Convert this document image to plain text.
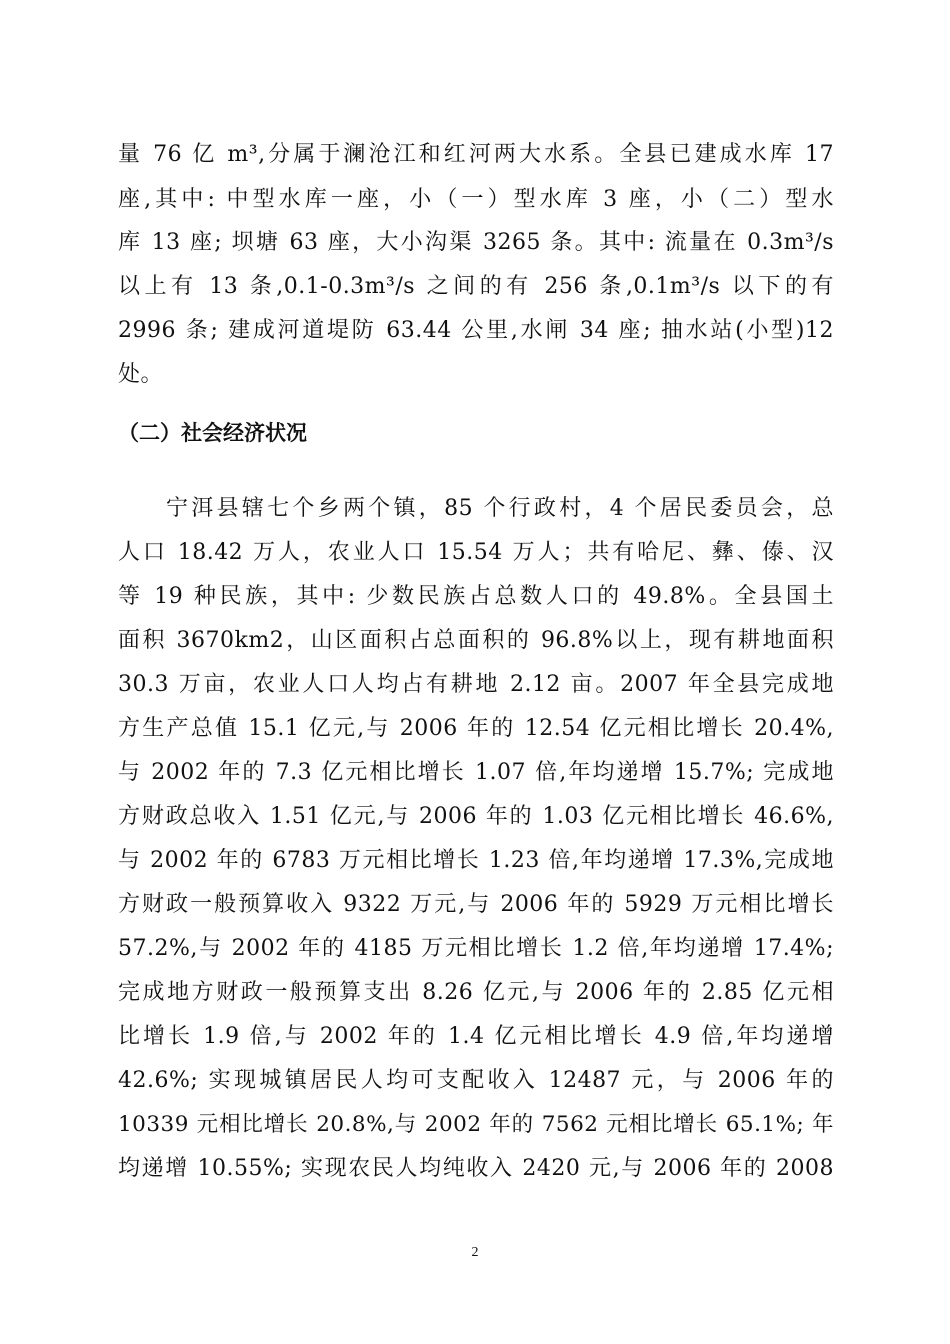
量 76 亿 m³,分属于澜沧江和红河两大水系。全县已建成水库 17
座,其中: 中型水库一座，小（一）型水库 3 座，小（二）型水
库 13 座; 坝塘 63 座，大小沟渠 3265 条。其中: 流量在 0.3m³/s
以上有 13 条,0.1-0.3m³/s 之间的有 256 条,0.1m³/s 以下的有
2996 条; 建成河道堤防 63.44 公里,水闸 34 座; 抽水站(小型)12
处。
（二）社会经济状况
宁洱县辖七个乡两个镇，85 个行政村，4 个居民委员会，总
人口 18.42 万人，农业人口 15.54 万人；共有哈尼、彝、傣、汉
等 19 种民族，其中: 少数民族占总数人口的 49.8%。全县国土
面积 3670km2，山区面积占总面积的 96.8%以上，现有耕地面积
30.3 万亩，农业人口人均占有耕地 2.12 亩。2007 年全县完成地
方生产总值 15.1 亿元,与 2006 年的 12.54 亿元相比增长 20.4%,
与 2002 年的 7.3 亿元相比增长 1.07 倍,年均递增 15.7%; 完成地
方财政总收入 1.51 亿元,与 2006 年的 1.03 亿元相比增长 46.6%,
与 2002 年的 6783 万元相比增长 1.23 倍,年均递增 17.3%,完成地
方财政一般预算收入 9322 万元,与 2006 年的 5929 万元相比增长
57.2%,与 2002 年的 4185 万元相比增长 1.2 倍,年均递增 17.4%;
完成地方财政一般预算支出 8.26 亿元,与 2006 年的 2.85 亿元相
比增长 1.9 倍,与 2002 年的 1.4 亿元相比增长 4.9 倍,年均递增
42.6%; 实现城镇居民人均可支配收入 12487 元，与 2006 年的
10339 元相比增长 20.8%,与 2002 年的 7562 元相比增长 65.1%; 年
均递增 10.55%; 实现农民人均纯收入 2420 元,与 2006 年的 2008
2
